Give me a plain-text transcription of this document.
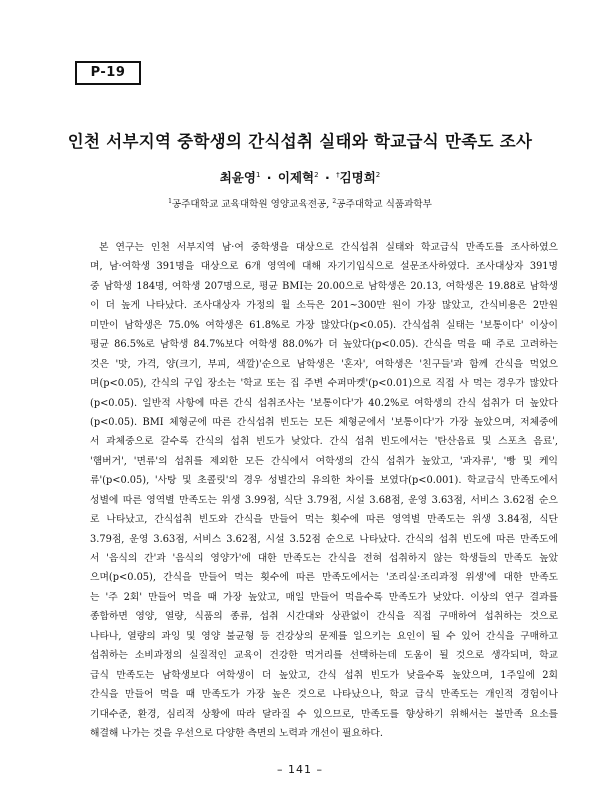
P-19
인천 서부지역 중학생의 간식섭취 실태와 학교급식 만족도 조사
최윤영$^1$ · 이제혁$^2$ · †김명희$^2$
$^1$공주대학교 교육대학원 영양교육전공, $^2$공주대학교 식품과학부
본 연구는 인천 서부지역 남·여 중학생을 대상으로 간식섭취 실태와 학교급식 만족도를 조사하였으
며, 남·여학생 391명을 대상으로 6개 영역에 대해 자기기입식으로 설문조사하였다. 조사대상자 391명
중 남학생 184명, 여학생 207명으로, 평균 BMI는 20.00으로 남학생은 20.13, 여학생은 19.88로 남학생
이 더 높게 나타났다. 조사대상자 가정의 월 소득은 201~300만 원이 가장 많았고, 간식비용은 2만원
미만이 남학생은 75.0% 여학생은 61.8%로 가장 많았다(p<0.05). 간식섭취 실태는 '보통이다' 이상이
평균 86.5%로 남학생 84.7%보다 여학생 88.0%가 더 높았다(p<0.05). 간식을 먹을 때 주로 고려하는
것은 '맛, 가격, 양(크기, 부피, 색깔)'순으로 남학생은 '혼자', 여학생은 '친구들'과 함께 간식을 먹었으
며(p<0.05), 간식의 구입 장소는 '학교 또는 집 주변 수퍼마켓'(p<0.01)으로 직접 사 먹는 경우가 많았다
(p<0.05). 일반적 사항에 따른 간식 섭취조사는 '보통이다'가 40.2%로 여학생의 간식 섭취가 더 높았다
(p<0.05). BMI 체형군에 따른 간식섭취 빈도는 모든 체형군에서 '보통이다'가 가장 높았으며, 저체중에
서 과체중으로 갈수록 간식의 섭취 빈도가 낮았다. 간식 섭취 빈도에서는 '탄산음료 및 스포츠 음료',
'햄버거', '면류'의 섭취를 제외한 모든 간식에서 여학생의 간식 섭취가 높았고, '과자류', '빵 및 케익
류'(p<0.05), '사탕 및 초콜릿'의 경우 성별간의 유의한 차이를 보였다(p<0.001). 학교급식 만족도에서
성별에 따른 영역별 만족도는 위생 3.99점, 식단 3.79점, 시설 3.68점, 운영 3.63점, 서비스 3.62점 순으
로 나타났고, 간식섭취 빈도와 간식을 만들어 먹는 횟수에 따른 영역별 만족도는 위생 3.84점, 식단
3.79점, 운영 3.63점, 서비스 3.62점, 시설 3.52점 순으로 나타났다. 간식의 섭취 빈도에 따른 만족도에
서 '음식의 간'과 '음식의 영양가'에 대한 만족도는 간식을 전혀 섭취하지 않는 학생들의 만족도 높았
으며(p<0.05), 간식을 만들어 먹는 횟수에 따른 만족도에서는 '조리실·조리과정 위생'에 대한 만족도
는 '주 2회' 만들어 먹을 때 가장 높았고, 매일 만들어 먹을수록 만족도가 낮았다. 이상의 연구 결과를
종합하면 영양, 열량, 식품의 종류, 섭취 시간대와 상관없이 간식을 직접 구매하여 섭취하는 것으로
나타나, 열량의 과잉 및 영양 불균형 등 건강상의 문제를 일으키는 요인이 될 수 있어 간식을 구매하고
섭취하는 소비과정의 실질적인 교육이 건강한 먹거리를 선택하는데 도움이 될 것으로 생각되며, 학교
급식 만족도는 남학생보다 여학생이 더 높았고, 간식 섭취 빈도가 낮을수록 높았으며, 1주일에 2회
간식을 만들어 먹을 때 만족도가 가장 높은 것으로 나타났으나, 학교 급식 만족도는 개인적 경험이나
기대수준, 환경, 심리적 상황에 따라 달라질 수 있으므로, 만족도를 향상하기 위해서는 불만족 요소를
해결해 나가는 것을 우선으로 다양한 측면의 노력과 개선이 필요하다.
– 141 –
